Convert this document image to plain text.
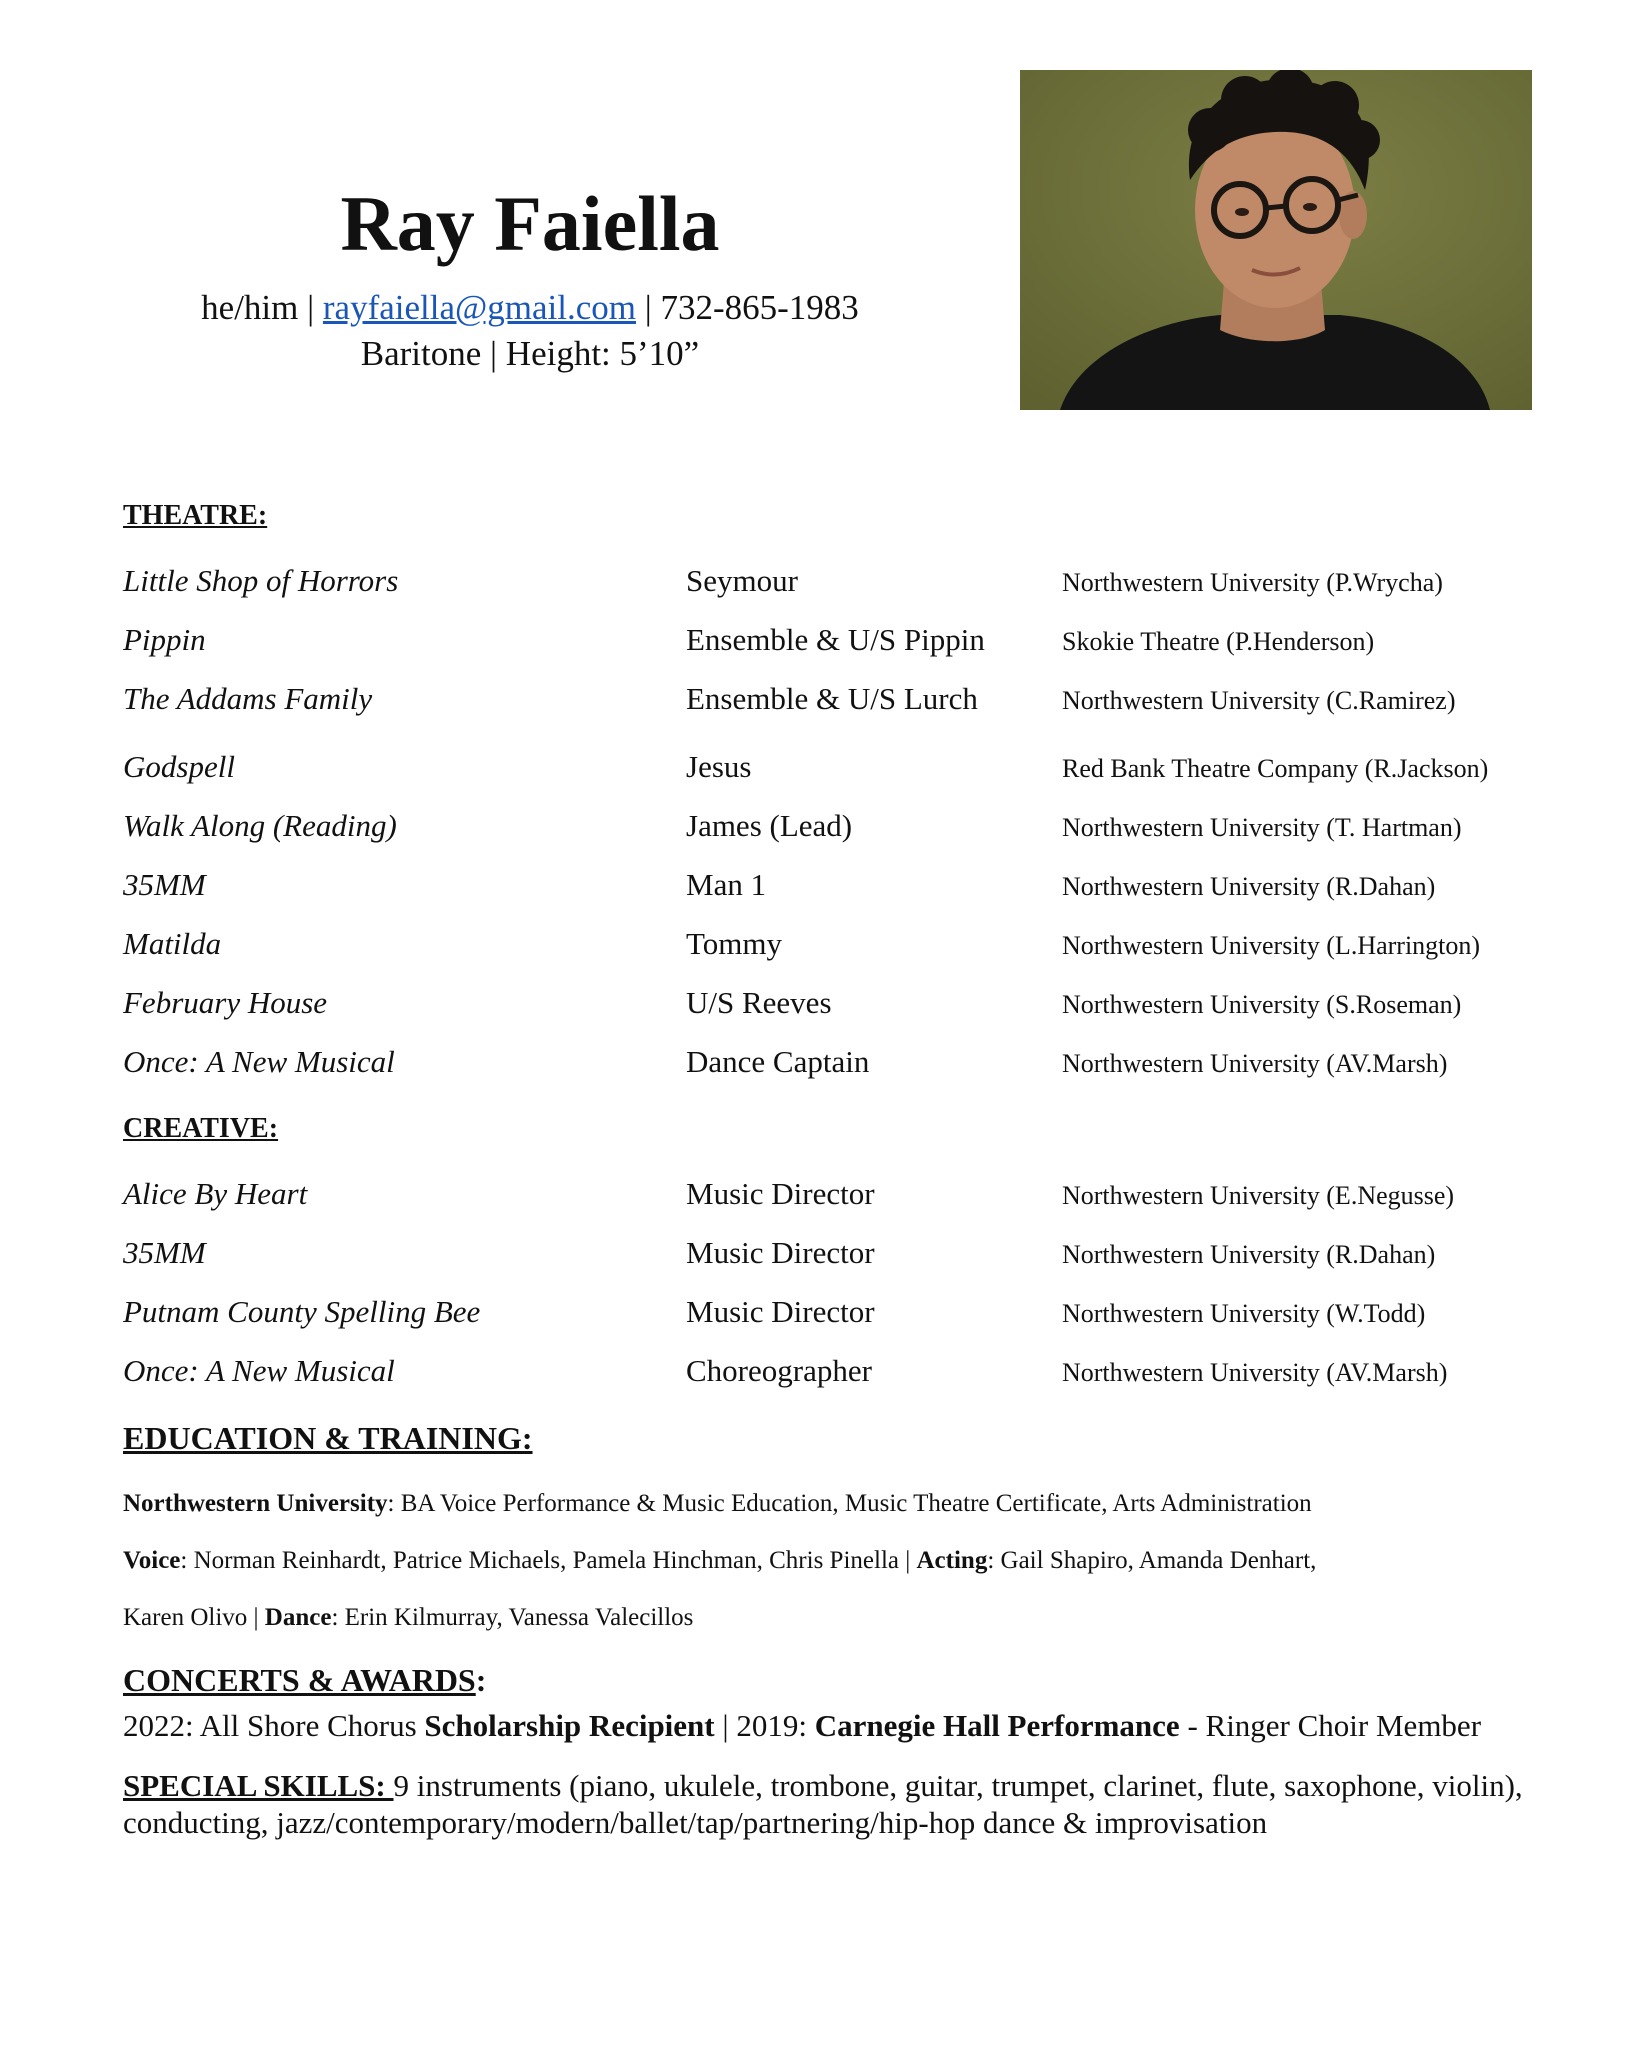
Ray Faiella
he/him | rayfaiella@gmail.com | 732-865-1983
Baritone | Height: 5’10”
THEATRE:
Little Shop of Horrors	Seymour	Northwestern University (P.Wrycha)
Pippin	Ensemble & U/S Pippin	Skokie Theatre (P.Henderson)
The Addams Family	Ensemble & U/S Lurch	Northwestern University (C.Ramirez)
Godspell	Jesus	Red Bank Theatre Company (R.Jackson)
Walk Along (Reading)	James (Lead)	Northwestern University (T. Hartman)
35MM	Man 1	Northwestern University (R.Dahan)
Matilda	Tommy	Northwestern University (L.Harrington)
February House	U/S Reeves	Northwestern University (S.Roseman)
Once: A New Musical	Dance Captain	Northwestern University (AV.Marsh)
CREATIVE:
Alice By Heart	Music Director	Northwestern University (E.Negusse)
35MM	Music Director	Northwestern University (R.Dahan)
Putnam County Spelling Bee	Music Director	Northwestern University (W.Todd)
Once: A New Musical	Choreographer	Northwestern University (AV.Marsh)
EDUCATION & TRAINING:
Northwestern University: BA Voice Performance & Music Education, Music Theatre Certificate, Arts Administration
Voice: Norman Reinhardt, Patrice Michaels, Pamela Hinchman, Chris Pinella | Acting: Gail Shapiro, Amanda Denhart,
Karen Olivo | Dance: Erin Kilmurray, Vanessa Valecillos
CONCERTS & AWARDS:
2022: All Shore Chorus Scholarship Recipient | 2019: Carnegie Hall Performance - Ringer Choir Member
SPECIAL SKILLS: 9 instruments (piano, ukulele, trombone, guitar, trumpet, clarinet, flute, saxophone, violin), conducting, jazz/contemporary/modern/ballet/tap/partnering/hip-hop dance & improvisation
